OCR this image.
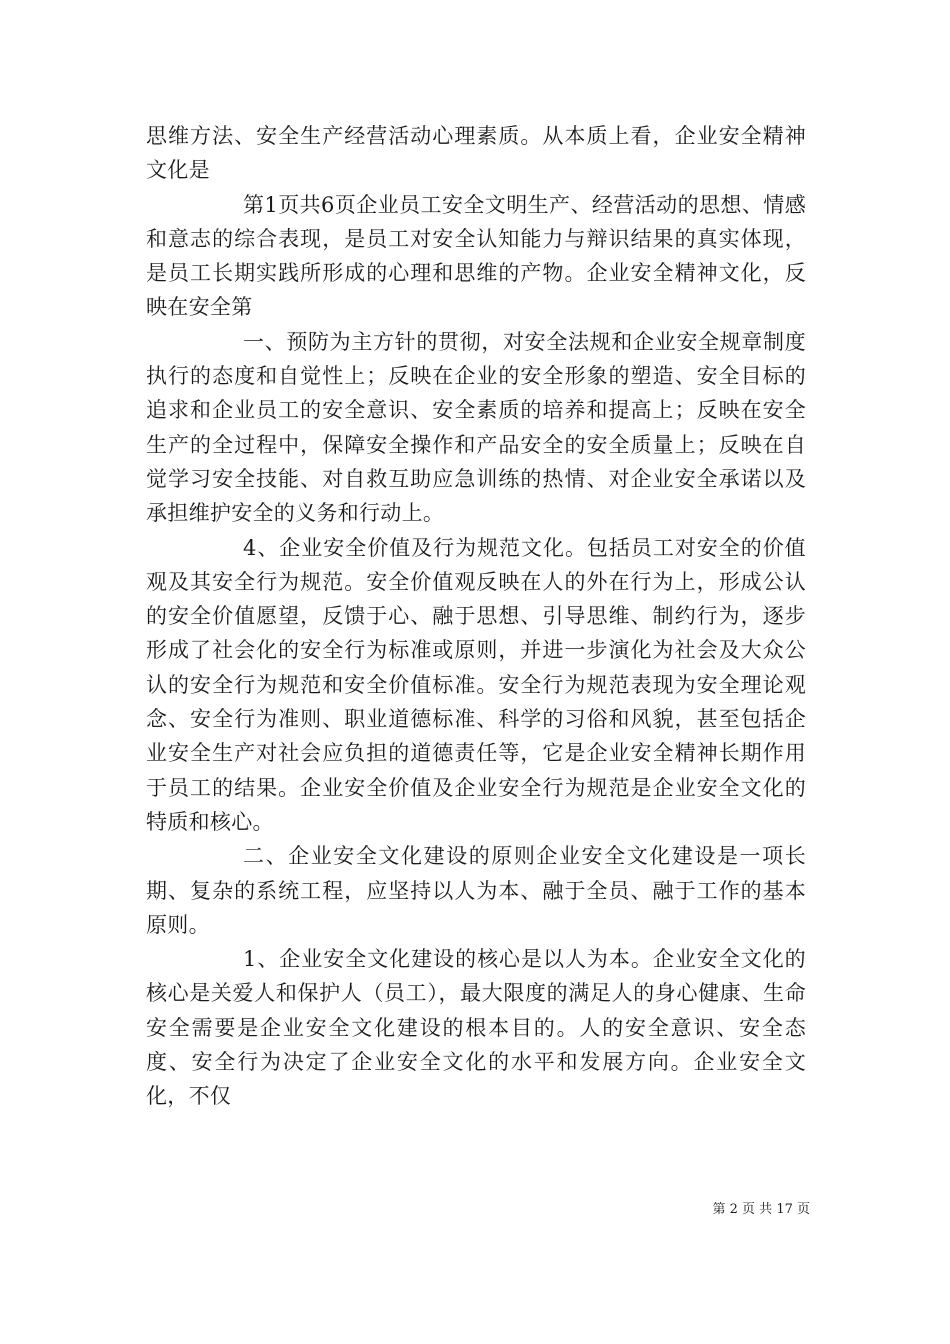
思维方法、安全生产经营活动心理素质。从本质上看，企业安全精神文化是

第1页共6页企业员工安全文明生产、经营活动的思想、情感和意志的综合表现，是员工对安全认知能力与辩识结果的真实体现，是员工长期实践所形成的心理和思维的产物。企业安全精神文化，反映在安全第

一、预防为主方针的贯彻，对安全法规和企业安全规章制度执行的态度和自觉性上；反映在企业的安全形象的塑造、安全目标的追求和企业员工的安全意识、安全素质的培养和提高上；反映在安全生产的全过程中，保障安全操作和产品安全的安全质量上；反映在自觉学习安全技能、对自救互助应急训练的热情、对企业安全承诺以及承担维护安全的义务和行动上。

4、企业安全价值及行为规范文化。包括员工对安全的价值观及其安全行为规范。安全价值观反映在人的外在行为上，形成公认的安全价值愿望，反馈于心、融于思想、引导思维、制约行为，逐步形成了社会化的安全行为标准或原则，并进一步演化为社会及大众公认的安全行为规范和安全价值标准。安全行为规范表现为安全理论观念、安全行为准则、职业道德标准、科学的习俗和风貌，甚至包括企业安全生产对社会应负担的道德责任等，它是企业安全精神长期作用于员工的结果。企业安全价值及企业安全行为规范是企业安全文化的特质和核心。

二、企业安全文化建设的原则企业安全文化建设是一项长期、复杂的系统工程，应坚持以人为本、融于全员、融于工作的基本原则。

1、企业安全文化建设的核心是以人为本。企业安全文化的核心是关爱人和保护人（员工），最大限度的满足人的身心健康、生命安全需要是企业安全文化建设的根本目的。人的安全意识、安全态度、安全行为决定了企业安全文化的水平和发展方向。企业安全文化，不仅

第 2 页 共 17 页
